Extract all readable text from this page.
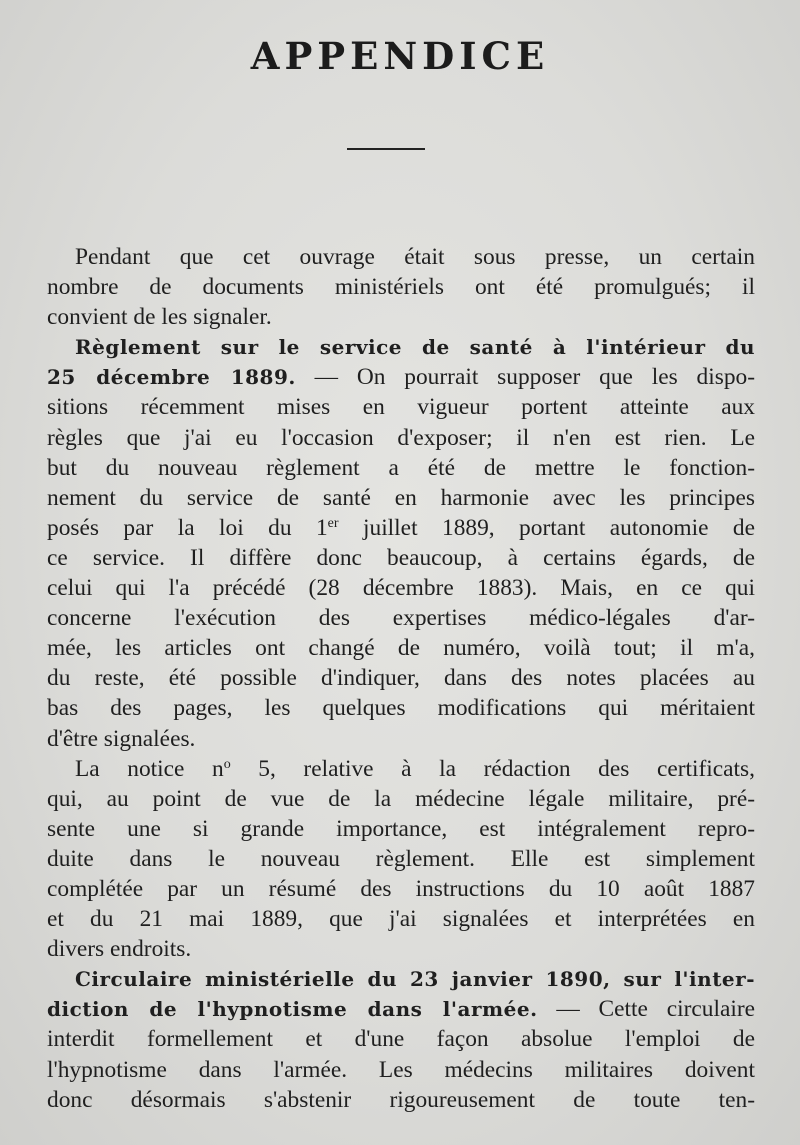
APPENDICE
Pendant que cet ouvrage était sous presse, un certain
nombre de documents ministériels ont été promulgués; il
convient de les signaler.
Règlement sur le service de santé à l'intérieur du
25 décembre 1889. — On pourrait supposer que les dispo-
sitions récemment mises en vigueur portent atteinte aux
règles que j'ai eu l'occasion d'exposer; il n'en est rien. Le
but du nouveau règlement a été de mettre le fonction-
nement du service de santé en harmonie avec les principes
posés par la loi du 1er juillet 1889, portant autonomie de
ce service. Il diffère donc beaucoup, à certains égards, de
celui qui l'a précédé (28 décembre 1883). Mais, en ce qui
concerne l'exécution des expertises médico-légales d'ar-
mée, les articles ont changé de numéro, voilà tout; il m'a,
du reste, été possible d'indiquer, dans des notes placées au
bas des pages, les quelques modifications qui méritaient
d'être signalées.
La notice $n^o$ 5, relative à la rédaction des certificats,
qui, au point de vue de la médecine légale militaire, pré-
sente une si grande importance, est intégralement repro-
duite dans le nouveau règlement. Elle est simplement
complétée par un résumé des instructions du 10 août 1887
et du 21 mai 1889, que j'ai signalées et interprétées en
divers endroits.
Circulaire ministérielle du 23 janvier 1890, sur l'inter-
diction de l'hypnotisme dans l'armée. — Cette circulaire
interdit formellement et d'une façon absolue l'emploi de
l'hypnotisme dans l'armée. Les médecins militaires doivent
donc désormais s'abstenir rigoureusement de toute ten-
